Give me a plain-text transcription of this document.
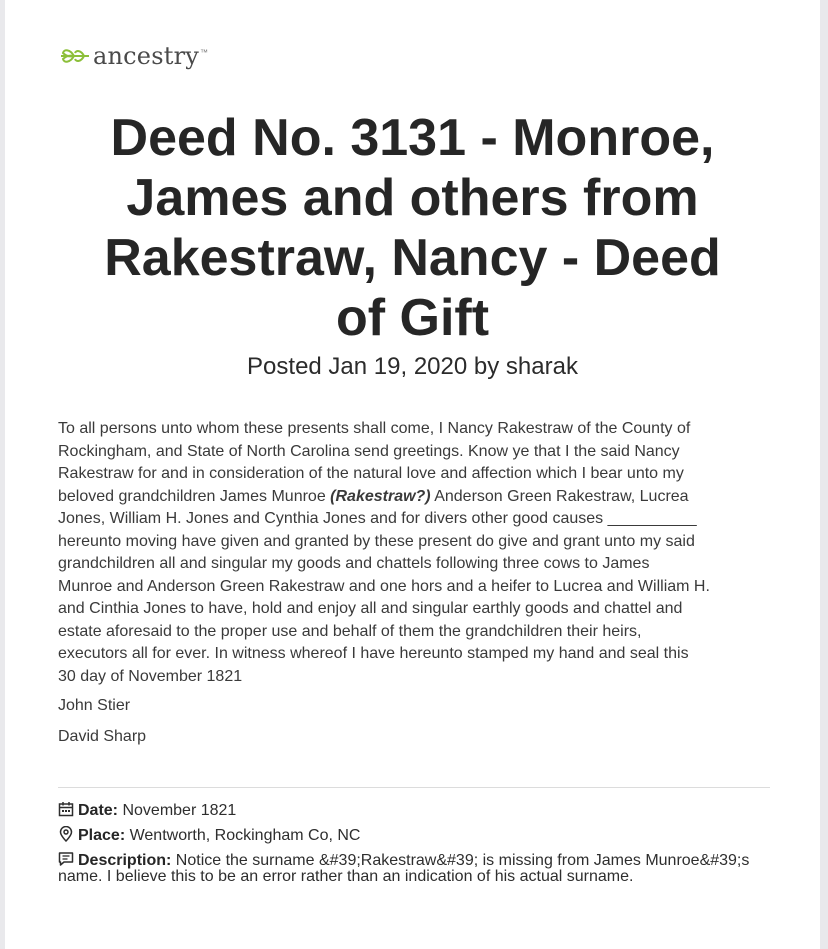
ancestry ™
Deed No. 3131 - Monroe,
James and others from
Rakestraw, Nancy - Deed
of Gift
Posted Jan 19, 2020 by sharak

To all persons unto whom these presents shall come, I Nancy Rakestraw of the County of

Rockingham, and State of North Carolina send greetings. Know ye that I the said Nancy

Rakestraw for and in consideration of the natural love and affection which I bear unto my

beloved grandchildren James Munroe (Rakestraw?) Anderson Green Rakestraw, Lucrea

Jones, William H. Jones and Cynthia Jones and for divers other good causes __________

hereunto moving have given and granted by these present do give and grant unto my said

grandchildren all and singular my goods and chattels following three cows to James

Munroe and Anderson Green Rakestraw and one hors and a heifer to Lucrea and William H.

and Cinthia Jones to have, hold and enjoy all and singular earthly goods and chattel and

estate aforesaid to the proper use and behalf of them the grandchildren their heirs,

executors all for ever. In witness whereof I have hereunto stamped my hand and seal this

30 day of November 1821

John Stier
David Sharp
Date: November 1821
Place: Wentworth, Rockingham Co, NC
Description: Notice the surname &#39;Rakestraw&#39; is missing from James Munroe&#39;s name. I believe this to be an error rather than an indication of his actual surname.
